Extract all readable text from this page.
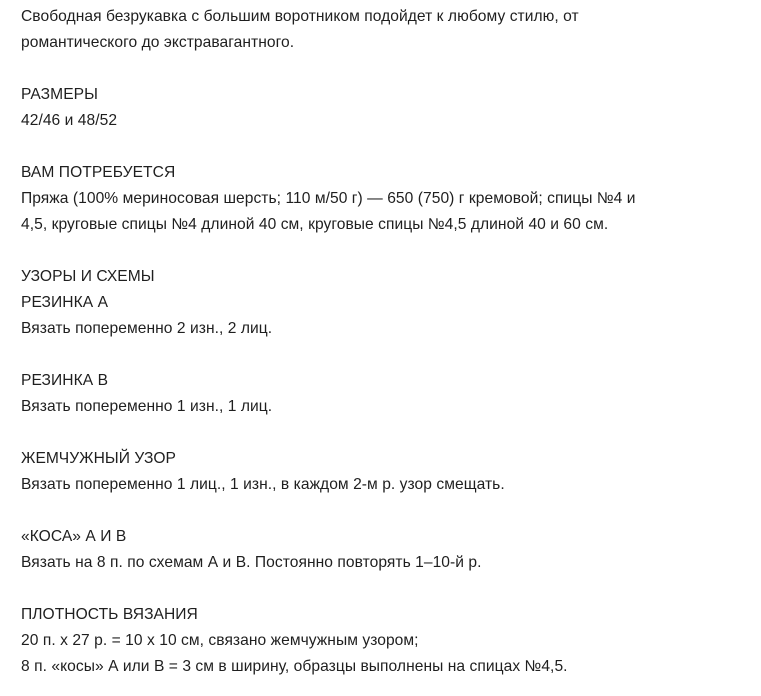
Свободная безрукавка с большим воротником подойдет к любому стилю, от
романтического до экстравагантного.
РАЗМЕРЫ
42/46 и 48/52
ВАМ ПОТРЕБУЕТСЯ
Пряжа (100% мериносовая шерсть; 110 м/50 г) — 650 (750) г кремовой; спицы №4 и
4,5, круговые спицы №4 длиной 40 см, круговые спицы №4,5 длиной 40 и 60 см.
УЗОРЫ И СХЕМЫ
РЕЗИНКА А
Вязать попеременно 2 изн., 2 лиц.
РЕЗИНКА В
Вязать попеременно 1 изн., 1 лиц.
ЖЕМЧУЖНЫЙ УЗОР
Вязать попеременно 1 лиц., 1 изн., в каждом 2-м р. узор смещать.
«КОСА» А И В
Вязать на 8 п. по схемам А и В. Постоянно повторять 1–10-й р.
ПЛОТНОСТЬ ВЯЗАНИЯ
20 п. х 27 р. = 10 х 10 см, связано жемчужным узором;
8 п. «косы» А или В = 3 см в ширину, образцы выполнены на спицах №4,5.
